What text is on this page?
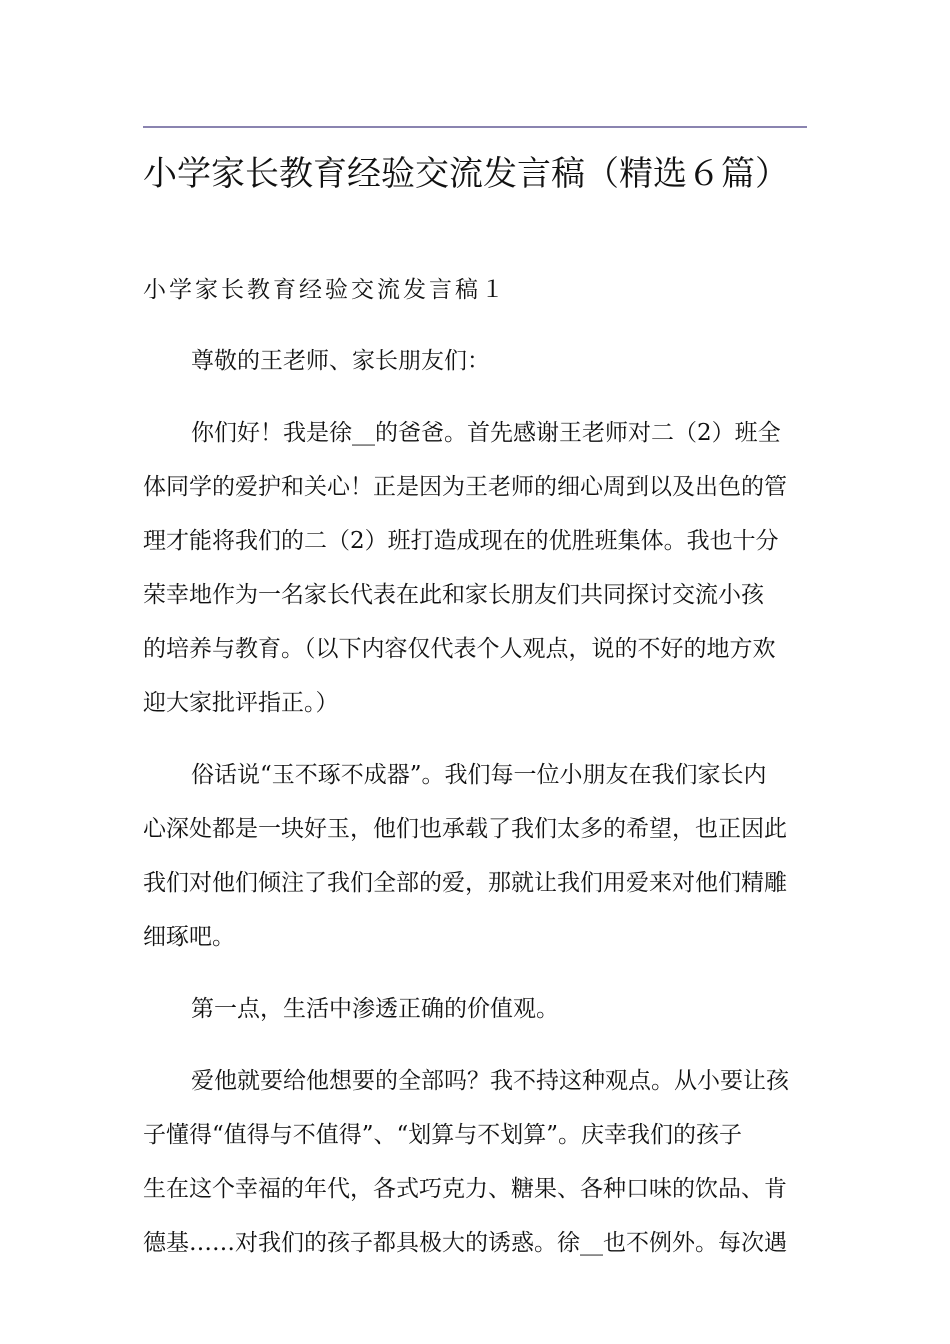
小学家长教育经验交流发言稿（精选６篇）
小学家长教育经验交流发言稿１

尊敬的王老师、家长朋友们：

你们好！我是徐__的爸爸。首先感谢王老师对二（2）班全
体同学的爱护和关心！正是因为王老师的细心周到以及出色的管
理才能将我们的二（2）班打造成现在的优胜班集体。我也十分
荣幸地作为一名家长代表在此和家长朋友们共同探讨交流小孩
的培养与教育。（以下内容仅代表个人观点，说的不好的地方欢
迎大家批评指正。）

俗话说“玉不琢不成器”。我们每一位小朋友在我们家长内
心深处都是一块好玉，他们也承载了我们太多的希望，也正因此
我们对他们倾注了我们全部的爱，那就让我们用爱来对他们精雕
细琢吧。

第一点，生活中渗透正确的价值观。

爱他就要给他想要的全部吗？我不持这种观点。从小要让孩
子懂得“值得与不值得”、“划算与不划算”。庆幸我们的孩子
生在这个幸福的年代，各式巧克力、糖果、各种口味的饮品、肯
德基……对我们的孩子都具极大的诱惑。徐__也不例外。每次遇
